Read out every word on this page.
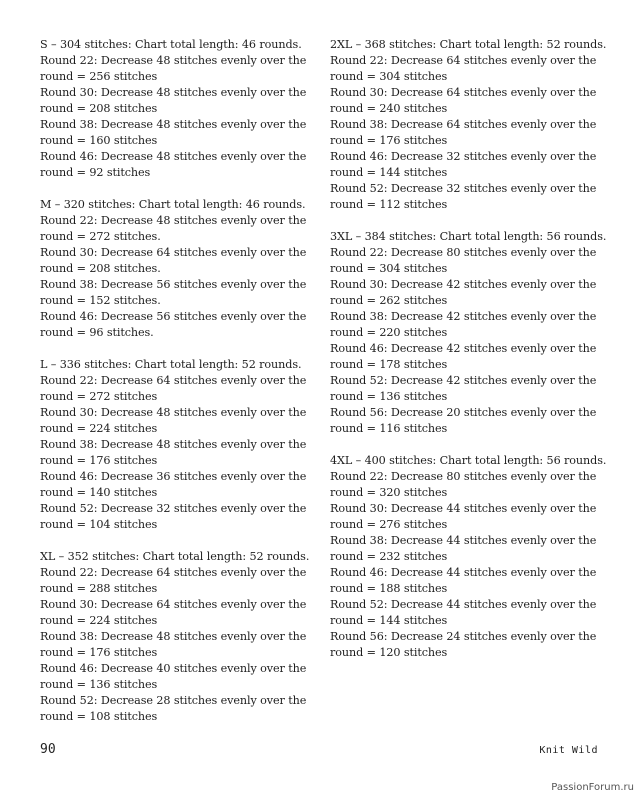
S – 304 stitches: Chart total length: 46 rounds.
Round 22: Decrease 48 stitches evenly over the
round = 256 stitches
Round 30: Decrease 48 stitches evenly over the
round = 208 stitches
Round 38: Decrease 48 stitches evenly over the
round = 160 stitches
Round 46: Decrease 48 stitches evenly over the
round = 92 stitches
M – 320 stitches: Chart total length: 46 rounds.
Round 22: Decrease 48 stitches evenly over the
round = 272 stitches.
Round 30: Decrease 64 stitches evenly over the
round = 208 stitches.
Round 38: Decrease 56 stitches evenly over the
round = 152 stitches.
Round 46: Decrease 56 stitches evenly over the
round = 96 stitches.
L – 336 stitches: Chart total length: 52 rounds.
Round 22: Decrease 64 stitches evenly over the
round = 272 stitches
Round 30: Decrease 48 stitches evenly over the
round = 224 stitches
Round 38: Decrease 48 stitches evenly over the
round = 176 stitches
Round 46: Decrease 36 stitches evenly over the
round = 140 stitches
Round 52: Decrease 32 stitches evenly over the
round = 104 stitches
XL – 352 stitches: Chart total length: 52 rounds.
Round 22: Decrease 64 stitches evenly over the
round = 288 stitches
Round 30: Decrease 64 stitches evenly over the
round = 224 stitches
Round 38: Decrease 48 stitches evenly over the
round = 176 stitches
Round 46: Decrease 40 stitches evenly over the
round = 136 stitches
Round 52: Decrease 28 stitches evenly over the
round = 108 stitches
2XL – 368 stitches: Chart total length: 52 rounds.
Round 22: Decrease 64 stitches evenly over the
round = 304 stitches
Round 30: Decrease 64 stitches evenly over the
round = 240 stitches
Round 38: Decrease 64 stitches evenly over the
round = 176 stitches
Round 46: Decrease 32 stitches evenly over the
round = 144 stitches
Round 52: Decrease 32 stitches evenly over the
round = 112 stitches
3XL – 384 stitches: Chart total length: 56 rounds.
Round 22: Decrease 80 stitches evenly over the
round = 304 stitches
Round 30: Decrease 42 stitches evenly over the
round = 262 stitches
Round 38: Decrease 42 stitches evenly over the
round = 220 stitches
Round 46: Decrease 42 stitches evenly over the
round = 178 stitches
Round 52: Decrease 42 stitches evenly over the
round = 136 stitches
Round 56: Decrease 20 stitches evenly over the
round = 116 stitches
4XL – 400 stitches: Chart total length: 56 rounds.
Round 22: Decrease 80 stitches evenly over the
round = 320 stitches
Round 30: Decrease 44 stitches evenly over the
round = 276 stitches
Round 38: Decrease 44 stitches evenly over the
round = 232 stitches
Round 46: Decrease 44 stitches evenly over the
round = 188 stitches
Round 52: Decrease 44 stitches evenly over the
round = 144 stitches
Round 56: Decrease 24 stitches evenly over the
round = 120 stitches
90	Knit Wild
PassionForum.ru
